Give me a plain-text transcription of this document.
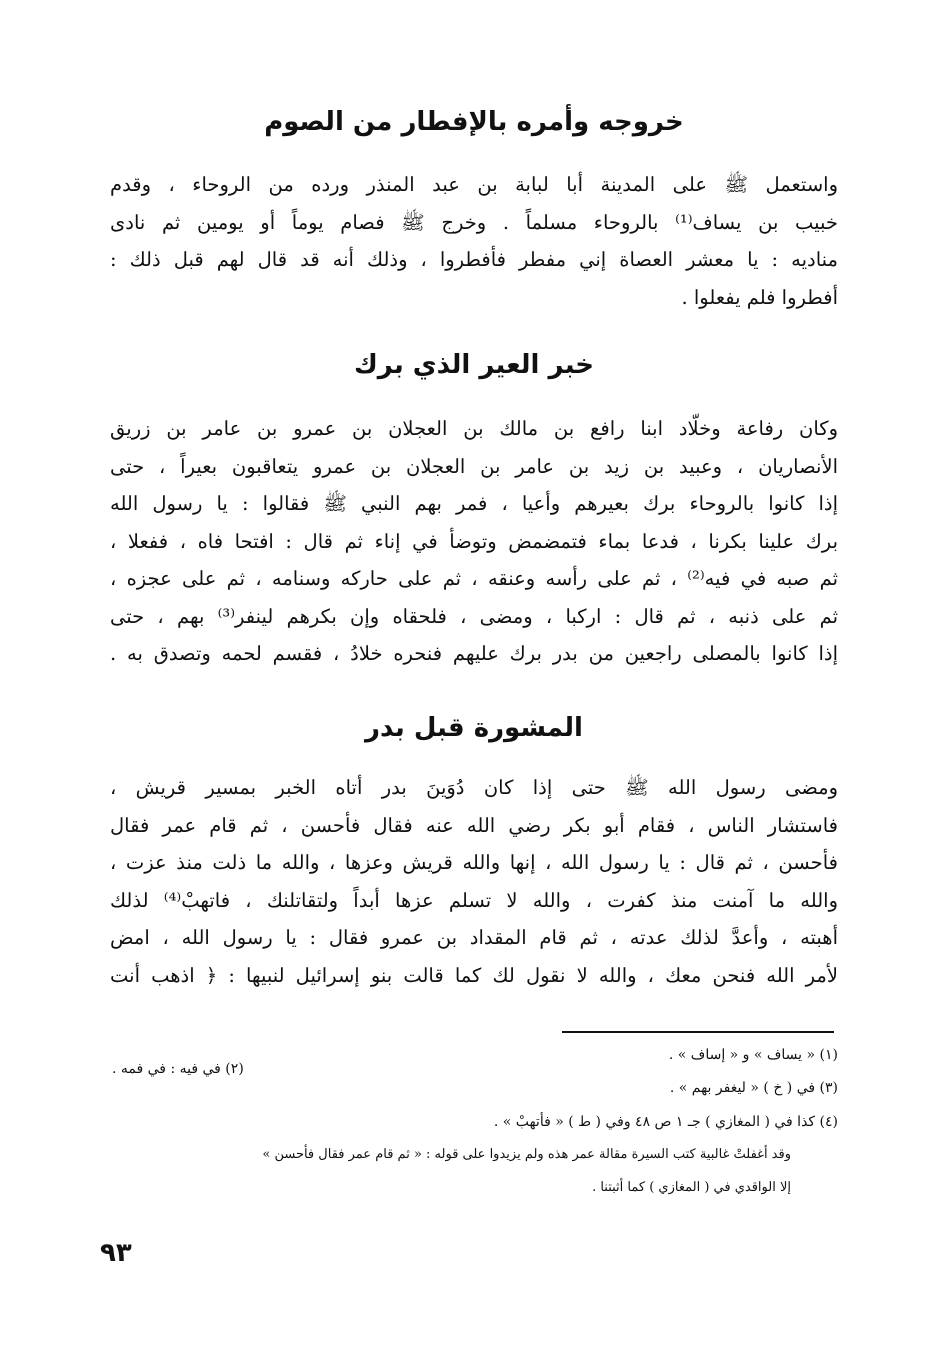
خروجه وأمره بالإفطار من الصوم
واستعمل ﷺ على المدينة أبا لبابة بن عبد المنذر ورده من الروحاء ، وقدم
خبيب بن يساف⁽¹⁾ بالروحاء مسلماً . وخرج ﷺ فصام يوماً أو يومين ثم نادى
مناديه : يا معشر العصاة إني مفطر فأفطروا ، وذلك أنه قد قال لهم قبل ذلك :
أفطروا فلم يفعلوا .
خبر العير الذي برك
وكان رفاعة وخلّاد ابنا رافع بن مالك بن العجلان بن عمرو بن عامر بن زريق
الأنصاريان ، وعبيد بن زيد بن عامر بن العجلان بن عمرو يتعاقبون بعيراً ، حتى
إذا كانوا بالروحاء برك بعيرهم وأعيا ، فمر بهم النبي ﷺ فقالوا : يا رسول الله
برك علينا بكرنا ، فدعا بماء فتمضمض وتوضأ في إناء ثم قال : افتحا فاه ، ففعلا ،
ثم صبه في فيه⁽²⁾ ، ثم على رأسه وعنقه ، ثم على حاركه وسنامه ، ثم على عجزه ،
ثم على ذنبه ، ثم قال : اركبا ، ومضى ، فلحقاه وإن بكرهم لينفر⁽³⁾ بهم ، حتى
إذا كانوا بالمصلى راجعين من بدر برك عليهم فنحره خلادُ ، فقسم لحمه وتصدق به .
المشورة قبل بدر
ومضى رسول الله ﷺ حتى إذا كان دُوَينَ بدر أتاه الخبر بمسير قريش ،
فاستشار الناس ، فقام أبو بكر رضي الله عنه فقال فأحسن ، ثم قام عمر فقال
فأحسن ، ثم قال : يا رسول الله ، إنها والله قريش وعزها ، والله ما ذلت منذ عزت ،
والله ما آمنت منذ كفرت ، والله لا تسلم عزها أبداً ولتقاتلنك ، فاتهبْ⁽⁴⁾ لذلك
أهبته ، وأعدَّ لذلك عدته ، ثم قام المقداد بن عمرو فقال : يا رسول الله ، امض
لأمر الله فنحن معك ، والله لا نقول لك كما قالت بنو إسرائيل لنبيها : ﴿ اذهب أنت
(١) « يساف » و « إساف » .
(٢) في فيه : في فمه .
(٣) في ( خ ) « ليغفر بهم » .
(٤) كذا في ( المغازي ) جـ ١ ص ٤٨ وفي ( ط ) « فأتهبْ » .
وقد أغفلتْ غالبية كتب السيرة مقالة عمر هذه ولم يزيدوا على قوله : « ثم قام عمر فقال فأحسن »
إلا الواقدي في ( المغازي ) كما أثبتنا .
٩٣
